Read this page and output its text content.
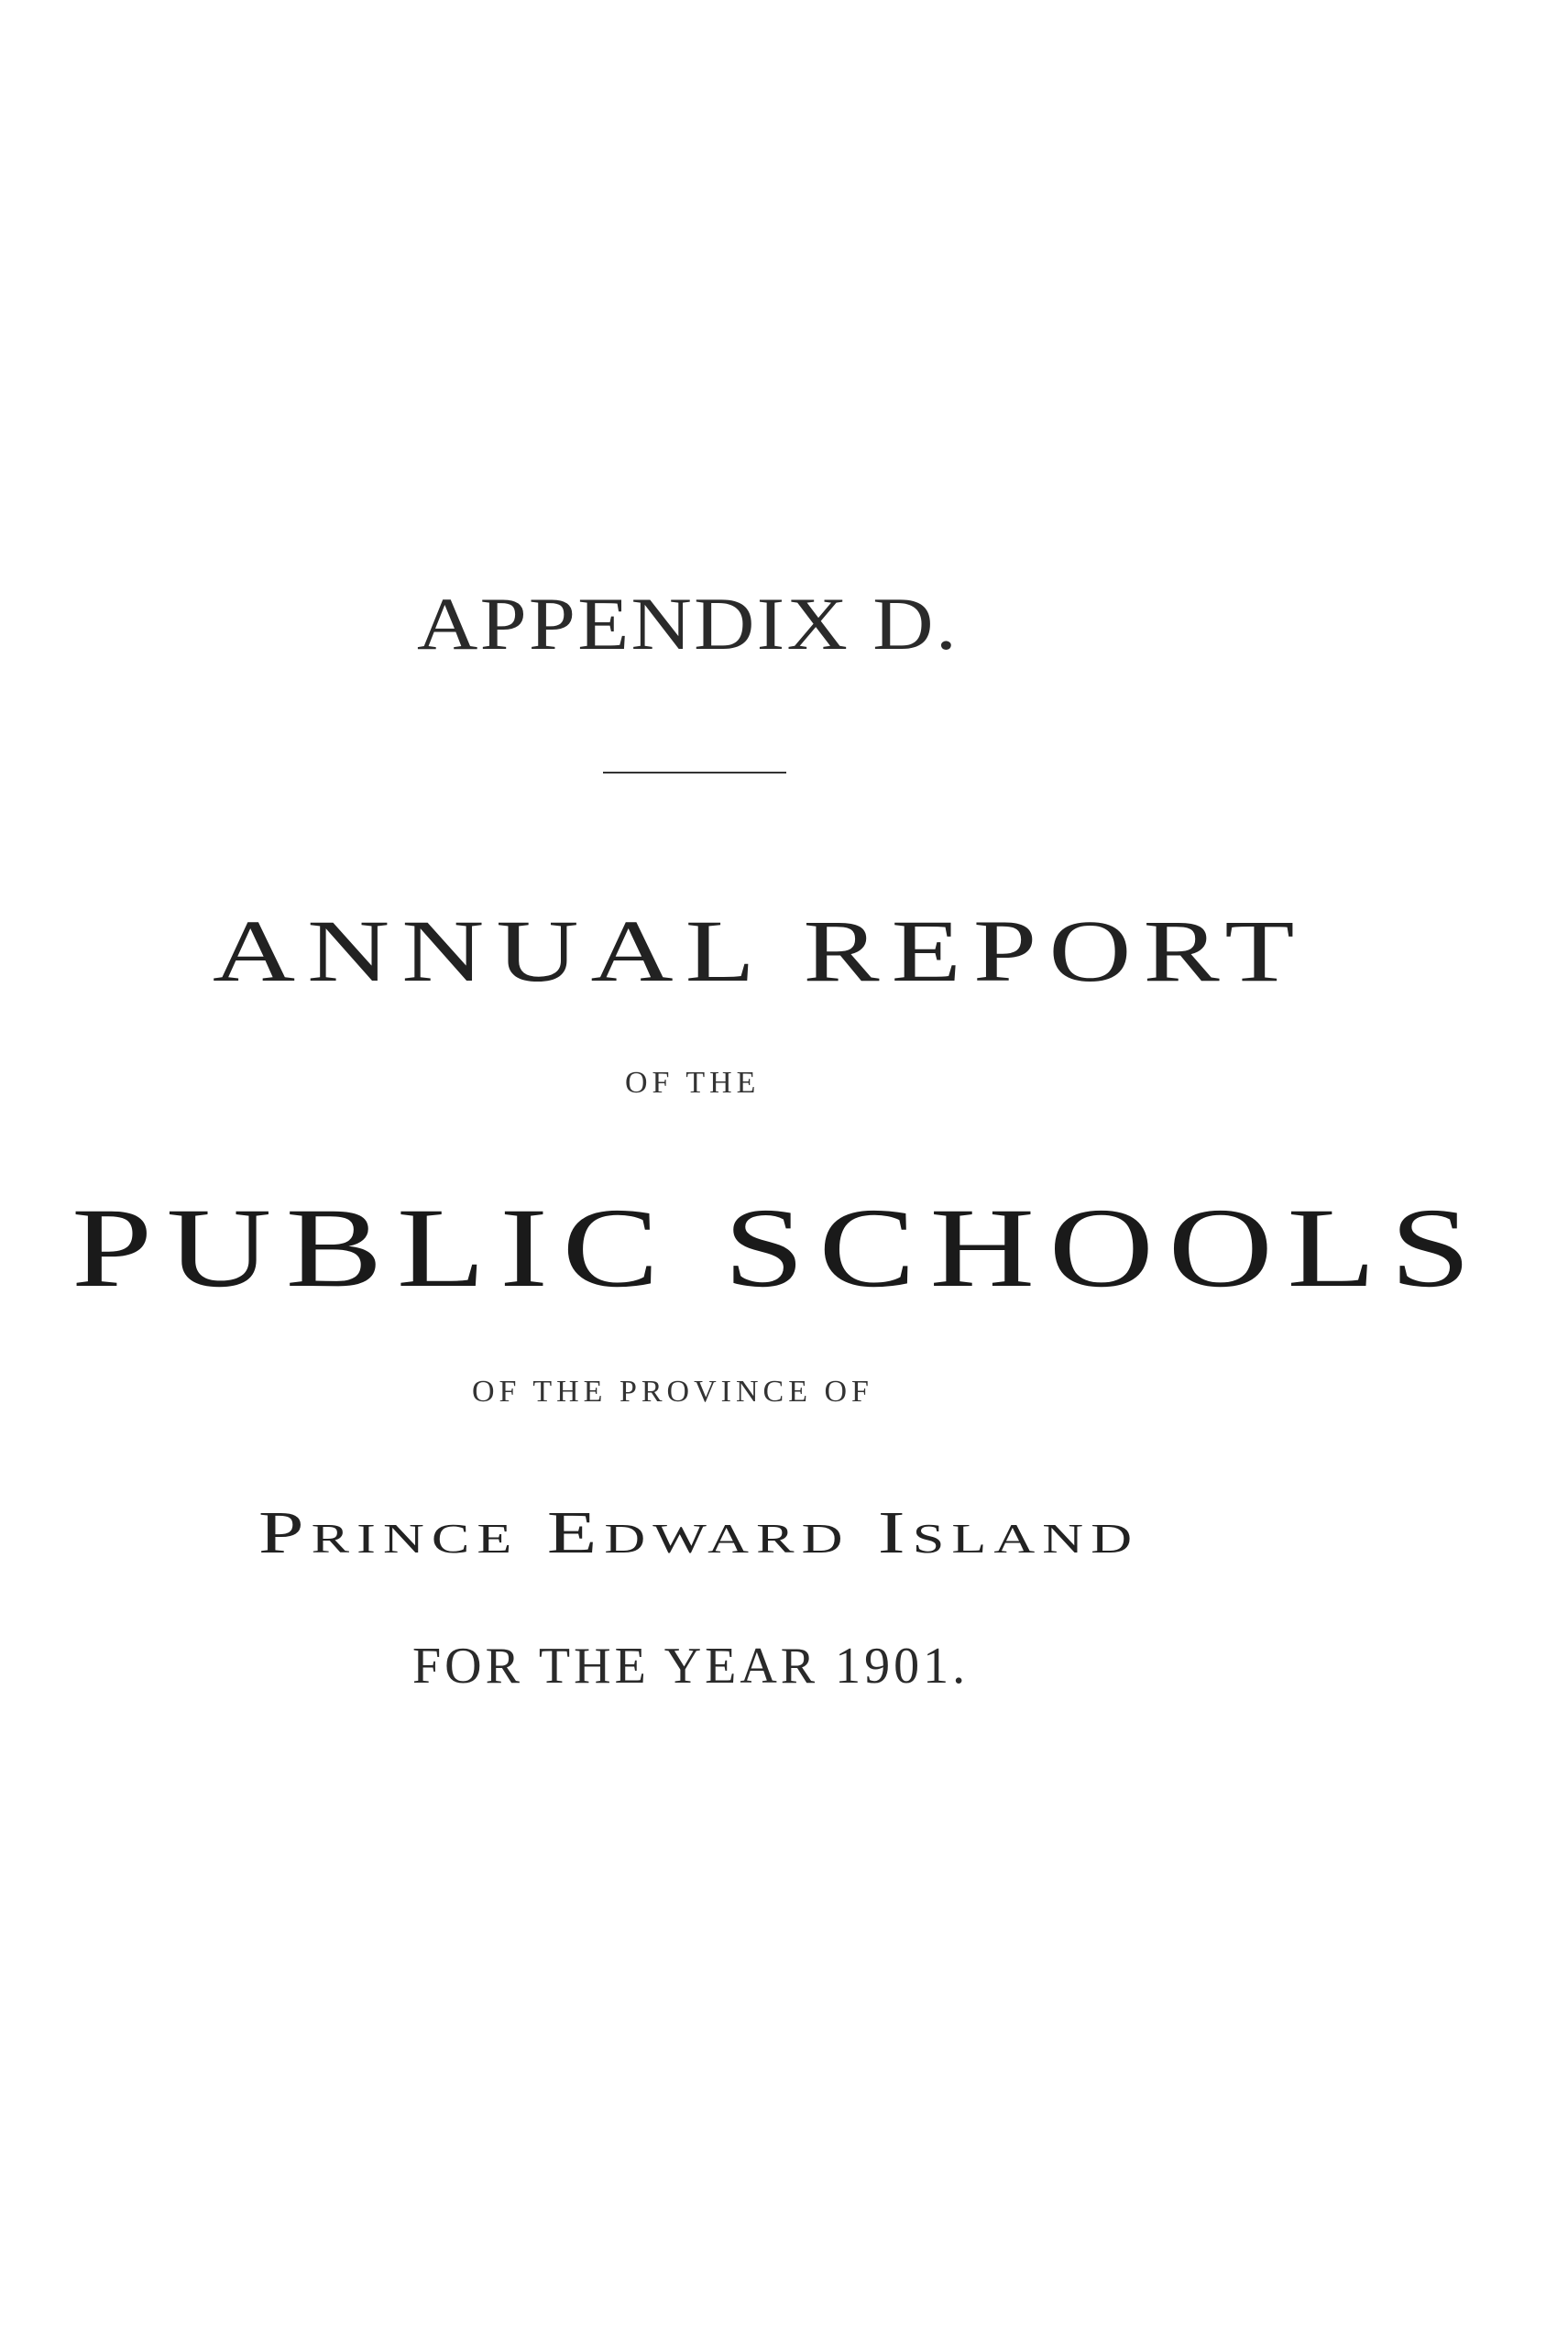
APPENDIX D.
ANNUAL REPORT
OF THE
PUBLIC SCHOOLS
OF THE PROVINCE OF
Prince Edward Island
FOR THE YEAR 1901.
